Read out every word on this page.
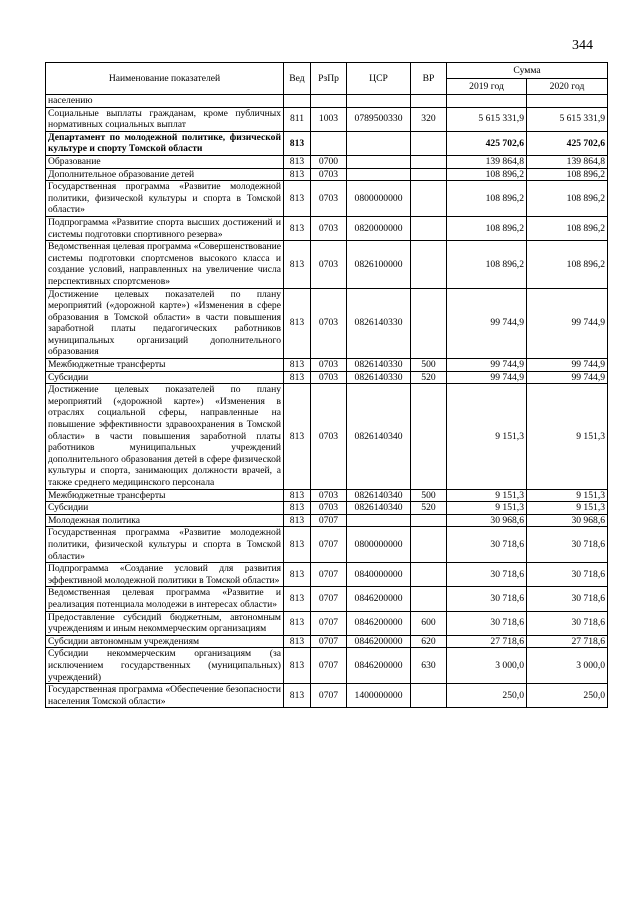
344
Наименование показателей	Вед	РзПр	ЦСР	ВР	Сумма	
					2019 год	2020 год
населению						
Социальные выплаты гражданам, кроме публичных нормативных социальных выплат	811	1003	0789500330	320	5 615 331,9	5 615 331,9
Департамент по молодежной политике, физической культуре и спорту Томской области	813				425 702,6	425 702,6
Образование	813	0700			139 864,8	139 864,8
Дополнительное образование детей	813	0703			108 896,2	108 896,2
Государственная программа «Развитие молодежной политики, физической культуры и спорта в Томской области»	813	0703	0800000000		108 896,2	108 896,2
Подпрограмма «Развитие спорта высших достижений и системы подготовки спортивного резерва»	813	0703	0820000000		108 896,2	108 896,2
Ведомственная целевая программа «Совершенствование системы подготовки спортсменов высокого класса и создание условий, направленных на увеличение числа перспективных спортсменов»	813	0703	0826100000		108 896,2	108 896,2
Достижение целевых показателей по плану мероприятий («дорожной карте») «Изменения в сфере образования в Томской области» в части повышения заработной платы педагогических работников муниципальных организаций дополнительного образования	813	0703	0826140330		99 744,9	99 744,9
Межбюджетные трансферты	813	0703	0826140330	500	99 744,9	99 744,9
Субсидии	813	0703	0826140330	520	99 744,9	99 744,9
Достижение целевых показателей по плану мероприятий («дорожной карте») «Изменения в отраслях социальной сферы, направленные на повышение эффективности здравоохранения в Томской области» в части повышения заработной платы работников муниципальных учреждений дополнительного образования детей в сфере физической культуры и спорта, занимающих должности врачей, а также среднего медицинского персонала	813	0703	0826140340		9 151,3	9 151,3
Межбюджетные трансферты	813	0703	0826140340	500	9 151,3	9 151,3
Субсидии	813	0703	0826140340	520	9 151,3	9 151,3
Молодежная политика	813	0707			30 968,6	30 968,6
Государственная программа «Развитие молодежной политики, физической культуры и спорта в Томской области»	813	0707	0800000000		30 718,6	30 718,6
Подпрограмма «Создание условий для развития эффективной молодежной политики в Томской области»	813	0707	0840000000		30 718,6	30 718,6
Ведомственная целевая программа «Развитие и реализация потенциала молодежи в интересах области»	813	0707	0846200000		30 718,6	30 718,6
Предоставление субсидий бюджетным, автономным учреждениям и иным некоммерческим организациям	813	0707	0846200000	600	30 718,6	30 718,6
Субсидии автономным учреждениям	813	0707	0846200000	620	27 718,6	27 718,6
Субсидии некоммерческим организациям (за исключением государственных (муниципальных) учреждений)	813	0707	0846200000	630	3 000,0	3 000,0
Государственная программа «Обеспечение безопасности населения Томской области»	813	0707	1400000000		250,0	250,0
